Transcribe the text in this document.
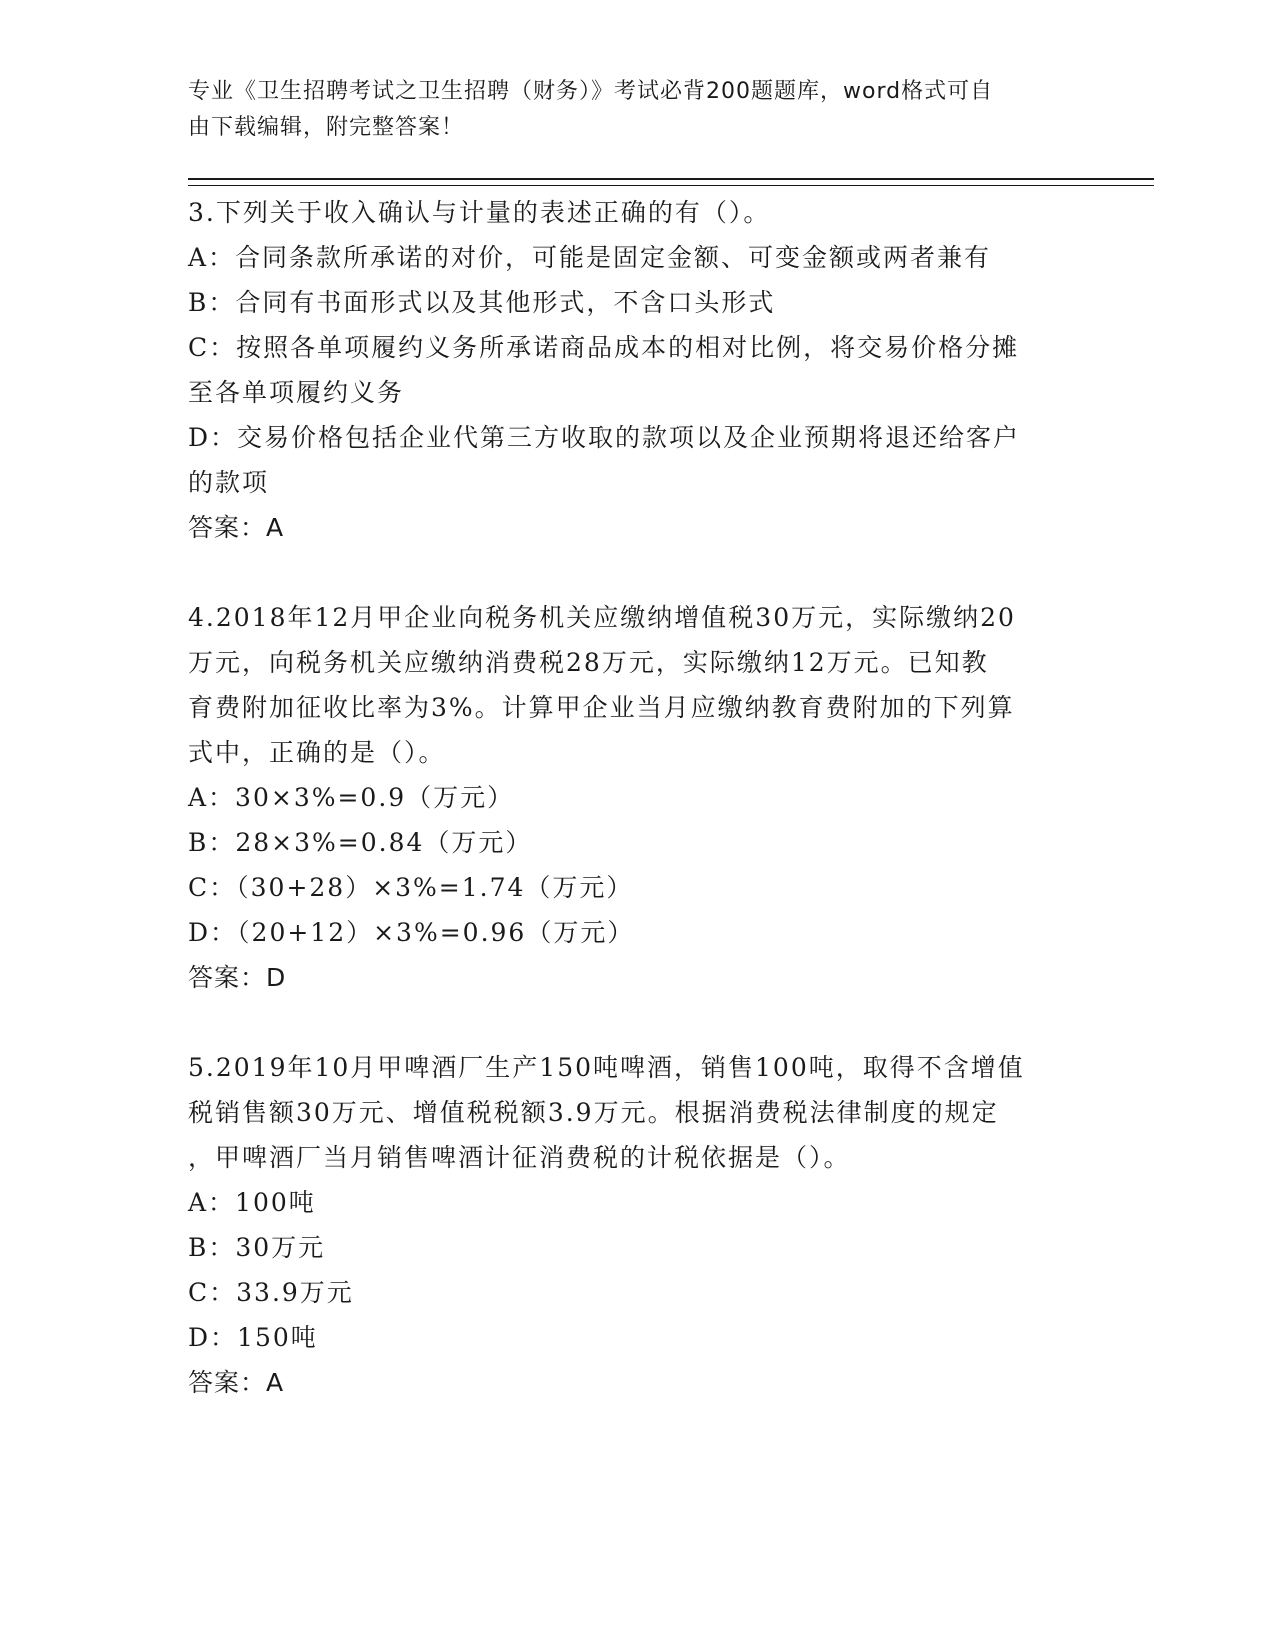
专业《卫生招聘考试之卫生招聘（财务）》考试必背200题题库，word格式可自
由下载编辑，附完整答案！
3.下列关于收入确认与计量的表述正确的有（）。
A：合同条款所承诺的对价，可能是固定金额、可变金额或两者兼有
B：合同有书面形式以及其他形式，不含口头形式
C：按照各单项履约义务所承诺商品成本的相对比例，将交易价格分摊
至各单项履约义务
D：交易价格包括企业代第三方收取的款项以及企业预期将退还给客户
的款项
答案：A
4.2018年12月甲企业向税务机关应缴纳增值税30万元，实际缴纳20
万元，向税务机关应缴纳消费税28万元，实际缴纳12万元。已知教
育费附加征收比率为3%。计算甲企业当月应缴纳教育费附加的下列算
式中，正确的是（）。
A：30×3%=0.9（万元）
B：28×3%=0.84（万元）
C：（30+28）×3%=1.74（万元）
D：（20+12）×3%=0.96（万元）
答案：D
5.2019年10月甲啤酒厂生产150吨啤酒，销售100吨，取得不含增值
税销售额30万元、增值税税额3.9万元。根据消费税法律制度的规定
，甲啤酒厂当月销售啤酒计征消费税的计税依据是（）。
A：100吨
B：30万元
C：33.9万元
D：150吨
答案：A
